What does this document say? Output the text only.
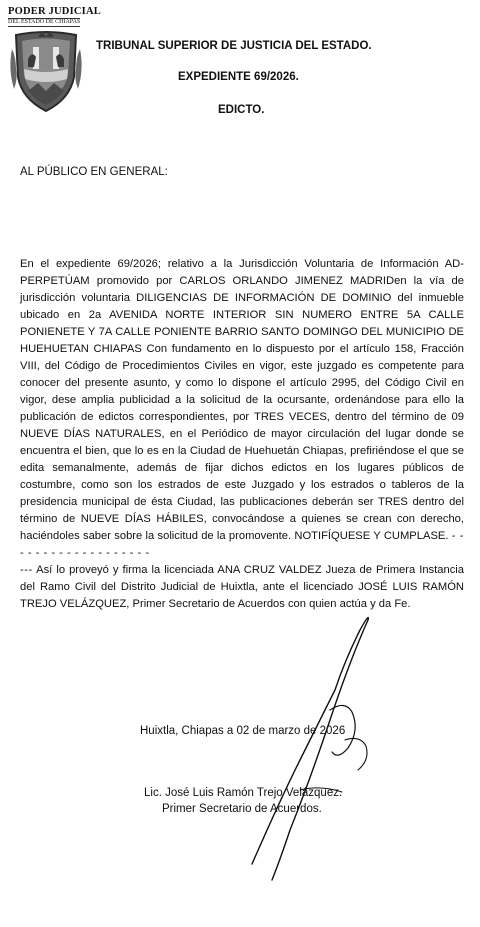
PODER JUDICIAL
DEL ESTADO DE CHIAPAS
TRIBUNAL SUPERIOR DE JUSTICIA DEL ESTADO.
EXPEDIENTE 69/2026.
EDICTO.
AL PÚBLICO EN GENERAL:

En el expediente 69/2026; relativo a la Jurisdicción Voluntaria de Información AD-PERPETÚAM promovido por CARLOS ORLANDO JIMENEZ MADRIDen la vía de jurisdicción voluntaria DILIGENCIAS DE INFORMACIÓN DE DOMINIO del inmueble ubicado en 2a AVENIDA NORTE INTERIOR SIN NUMERO ENTRE 5A CALLE PONIENETE Y 7A CALLE PONIENTE BARRIO SANTO DOMINGO DEL MUNICIPIO DE HUEHUETAN CHIAPAS Con fundamento en lo dispuesto por el artículo 158, Fracción VIII, del Código de Procedimientos Civiles en vigor, este juzgado es competente para conocer del presente asunto, y como lo dispone el artículo 2995, del Código Civil en vigor, dese amplia publicidad a la solicitud de la ocursante, ordenándose para ello la publicación de edictos correspondientes, por TRES VECES, dentro del término de 09 NUEVE DÍAS NATURALES, en el Periódico de mayor circulación del lugar donde se encuentra el bien, que lo es en la Ciudad de Huehuetán Chiapas, prefiriéndose el que se edita semanalmente, además de fijar dichos edictos en los lugares públicos de costumbre, como son los estrados de este Juzgado y los estrados o tableros de la presidencia municipal de ésta Ciudad, las publicaciones deberán ser TRES dentro del término de NUEVE DÍAS HÁBILES, convocándose a quienes se crean con derecho, haciéndoles saber sobre la solicitud de la promovente. NOTIFÍQUESE Y CUMPLASE. - - - - - - - - - - - - - - - - - - -

--- Así lo proveyó y firma la licenciada ANA CRUZ VALDEZ Jueza de Primera Instancia del Ramo Civil del Distrito Judicial de Huixtla, ante el licenciado JOSÉ LUIS RAMÓN TREJO VELÁZQUEZ, Primer Secretario de Acuerdos con quien actúa y da Fe.

Huixtla, Chiapas a 02 de marzo de 2026
Lic. José Luis Ramón Trejo Velázquez.
Primer Secretario de Acuerdos.
